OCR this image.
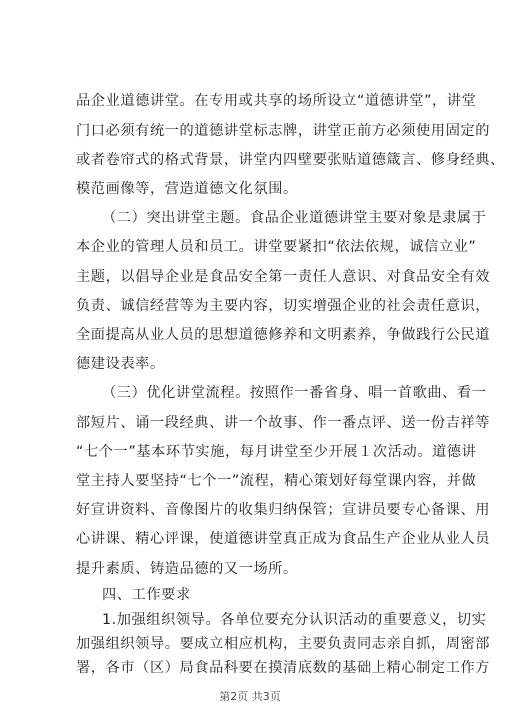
品企业道德讲堂。在专用或共享的场所设立“道德讲堂”，讲堂
门口必须有统一的道德讲堂标志牌，讲堂正前方必须使用固定的
或者卷帘式的格式背景，讲堂内四壁要张贴道德箴言、修身经典、
模范画像等，营造道德文化氛围。
（二）突出讲堂主题。食品企业道德讲堂主要对象是隶属于
本企业的管理人员和员工。讲堂要紧扣“依法依规，诚信立业”
主题，以倡导企业是食品安全第一责任人意识、对食品安全有效
负责、诚信经营等为主要内容，切实增强企业的社会责任意识，
全面提高从业人员的思想道德修养和文明素养，争做践行公民道
德建设表率。
（三）优化讲堂流程。按照作一番省身、唱一首歌曲、看一
部短片、诵一段经典、讲一个故事、作一番点评、送一份吉祥等
“七个一”基本环节实施，每月讲堂至少开展１次活动。道德讲
堂主持人要坚持“七个一”流程，精心策划好每堂课内容，并做
好宣讲资料、音像图片的收集归纳保管；宣讲员要专心备课、用
心讲课、精心评课，使道德讲堂真正成为食品生产企业从业人员
提升素质、铸造品德的又一场所。
四、工作要求
1.加强组织领导。各单位要充分认识活动的重要意义，切实
加强组织领导。要成立相应机构，主要负责同志亲自抓，周密部
署，各市（区）局食品科要在摸清底数的基础上精心制定工作方
第2页 共3页
